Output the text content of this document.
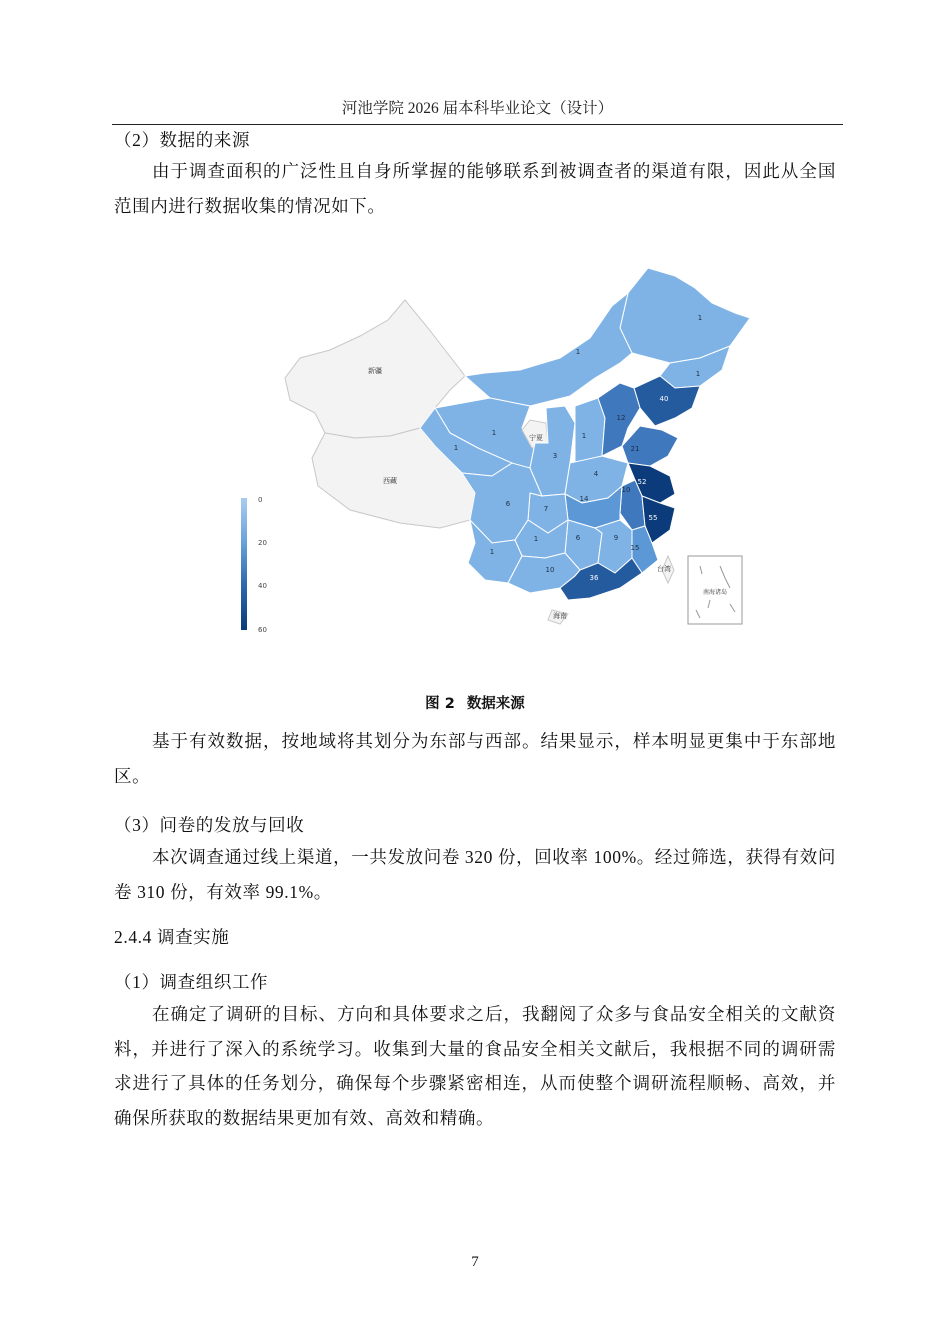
河池学院 2026 届本科毕业论文（设计）
（2）数据的来源
由于调查面积的广泛性且自身所掌握的能够联系到被调查者的渠道有限，因此从全国范围内进行数据收集的情况如下。
新疆
西藏
宁夏
台湾
海南
南海诸岛
1
1
1
40
12
21
52
55
10
4
1
3
1
1
14
6
7
6	9
15
1
1
10
36
0
20
40
60
图 2 数据来源
基于有效数据，按地域将其划分为东部与西部。结果显示，样本明显更集中于东部地区。
（3）问卷的发放与回收
本次调查通过线上渠道，一共发放问卷 320 份，回收率 100%。经过筛选，获得有效问卷 310 份，有效率 99.1%。
2.4.4 调查实施
（1）调查组织工作
在确定了调研的目标、方向和具体要求之后，我翻阅了众多与食品安全相关的文献资料，并进行了深入的系统学习。收集到大量的食品安全相关文献后，我根据不同的调研需求进行了具体的任务划分，确保每个步骤紧密相连，从而使整个调研流程顺畅、高效，并确保所获取的数据结果更加有效、高效和精确。
7
